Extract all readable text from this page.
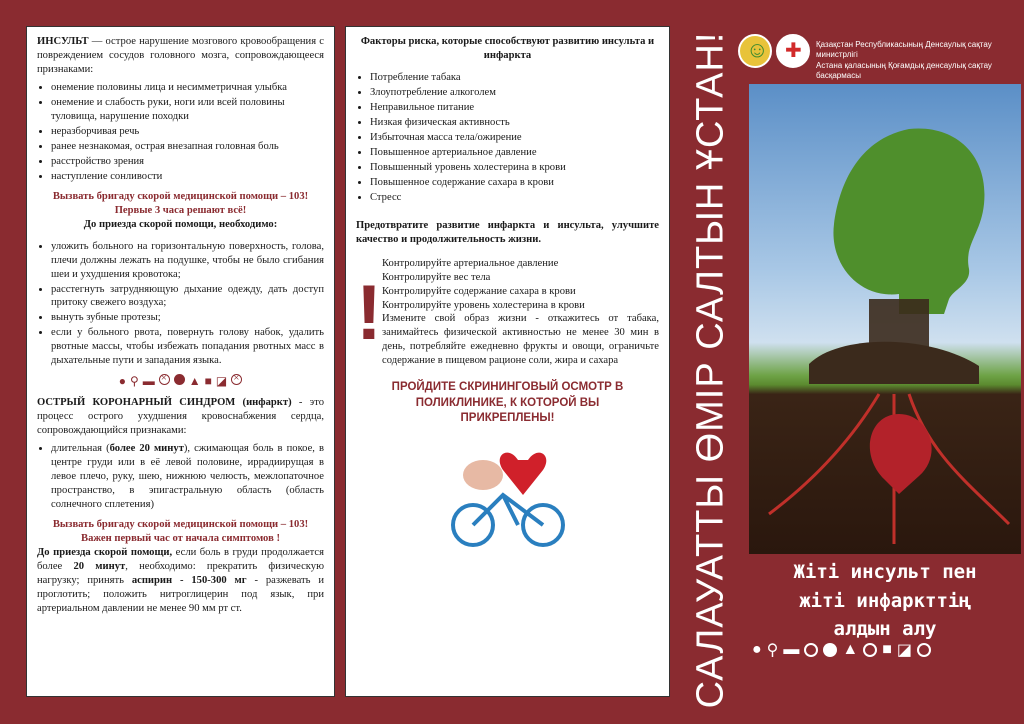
ИНСУЛЬТ — острое нарушение мозгового кровообращения с повреждением сосудов головного мозга, сопровождающееся признаками:

• онемение половины лица и несимметричная улыбка
• онемение и слабость руки, ноги или всей половины туловища, нарушение походки
• неразборчивая речь
• ранее незнакомая, острая внезапная головная боль
• расстройство зрения
• наступление сонливости

Вызвать бригаду скорой медицинской помощи – 103!

Первые 3 часа решают всё!

До приезда скорой помощи, необходимо:

• уложить больного на горизонтальную поверхность, голова, плечи должны лежать на подушке, чтобы не было сгибания шеи и ухудшения кровотока;
• расстегнуть затрудняющую дыхание одежду, дать доступ притоку свежего воздуха;
• вынуть зубные протезы;
• если у больного рвота, повернуть голову набок, удалить рвотные массы, чтобы избежать попадания рвотных масс в дыхательные пути и западания языка.
● ⚲ ▬ ×	▲ ■ ◪
×

ОСТРЫЙ КОРОНАРНЫЙ СИНДРОМ (инфаркт) - это процесс острого ухудшения кровоснабжения сердца, сопровождающийся признаками:

• длительная (более 20 минут), сжимающая боль в покое, в центре груди или в её левой половине, иррадиирущая в левое плечо, руку, шею, нижнюю челюсть, межлопаточное пространство, в эпигастральную область (область солнечного сплетения)

Вызвать бригаду скорой медицинской помощи – 103! Важен первый час от начала симптомов !

До приезда скорой помощи, если боль в груди продолжается более 20 минут, необходимо: прекратить физическую нагрузку; принять аспирин - 150-300 мг - разжевать и проглотить; положить нитроглицерин под язык, при артериальном давлении не менее 90 мм рт ст.

Факторы риска, которые способствуют развитию инсульта и инфаркта

• Потребление табака
• Злоупотребление алкоголем
• Неправильное питание
• Низкая физическая активность
• Избыточная масса тела/ожирение
• Повышенное артериальное давление
• Повышенный уровень холестерина в крови
• Повышенное содержание сахара в крови
• Стресс

Предотвратите развитие инфаркта и инсульта, улучшите качество и продолжительность жизни.

!

Контролируйте артериальное давление

Контролируйте вес тела

Контролируйте содержание сахара в крови

Контролируйте уровень холестерина в крови

Измените свой образ жизни - откажитесь от табака, занимайтесь физической активностью не менее 30 мин в день, потребляйте ежедневно фрукты и овощи, ограничьте содержание в пищевом рационе соли, жира и сахара

ПРОЙДИТЕ СКРИНИНГОВЫЙ ОСМОТР В ПОЛИКЛИНИКЕ, К КОТОРОЙ ВЫ ПРИКРЕПЛЕНЫ!	САЛАУАТТЫ ӨМІР САЛТЫН ҰСТАН! ☺ ✚	Қазақстан Республикасының Денсаулық сақтау министрлігі
Астана қаласының Қоғамдық денсаулық сақтау басқармасы
Жіті инсульт пен
жіті инфаркттің
алдын алу
● ⚲ ▬	▲ ■ ◪
